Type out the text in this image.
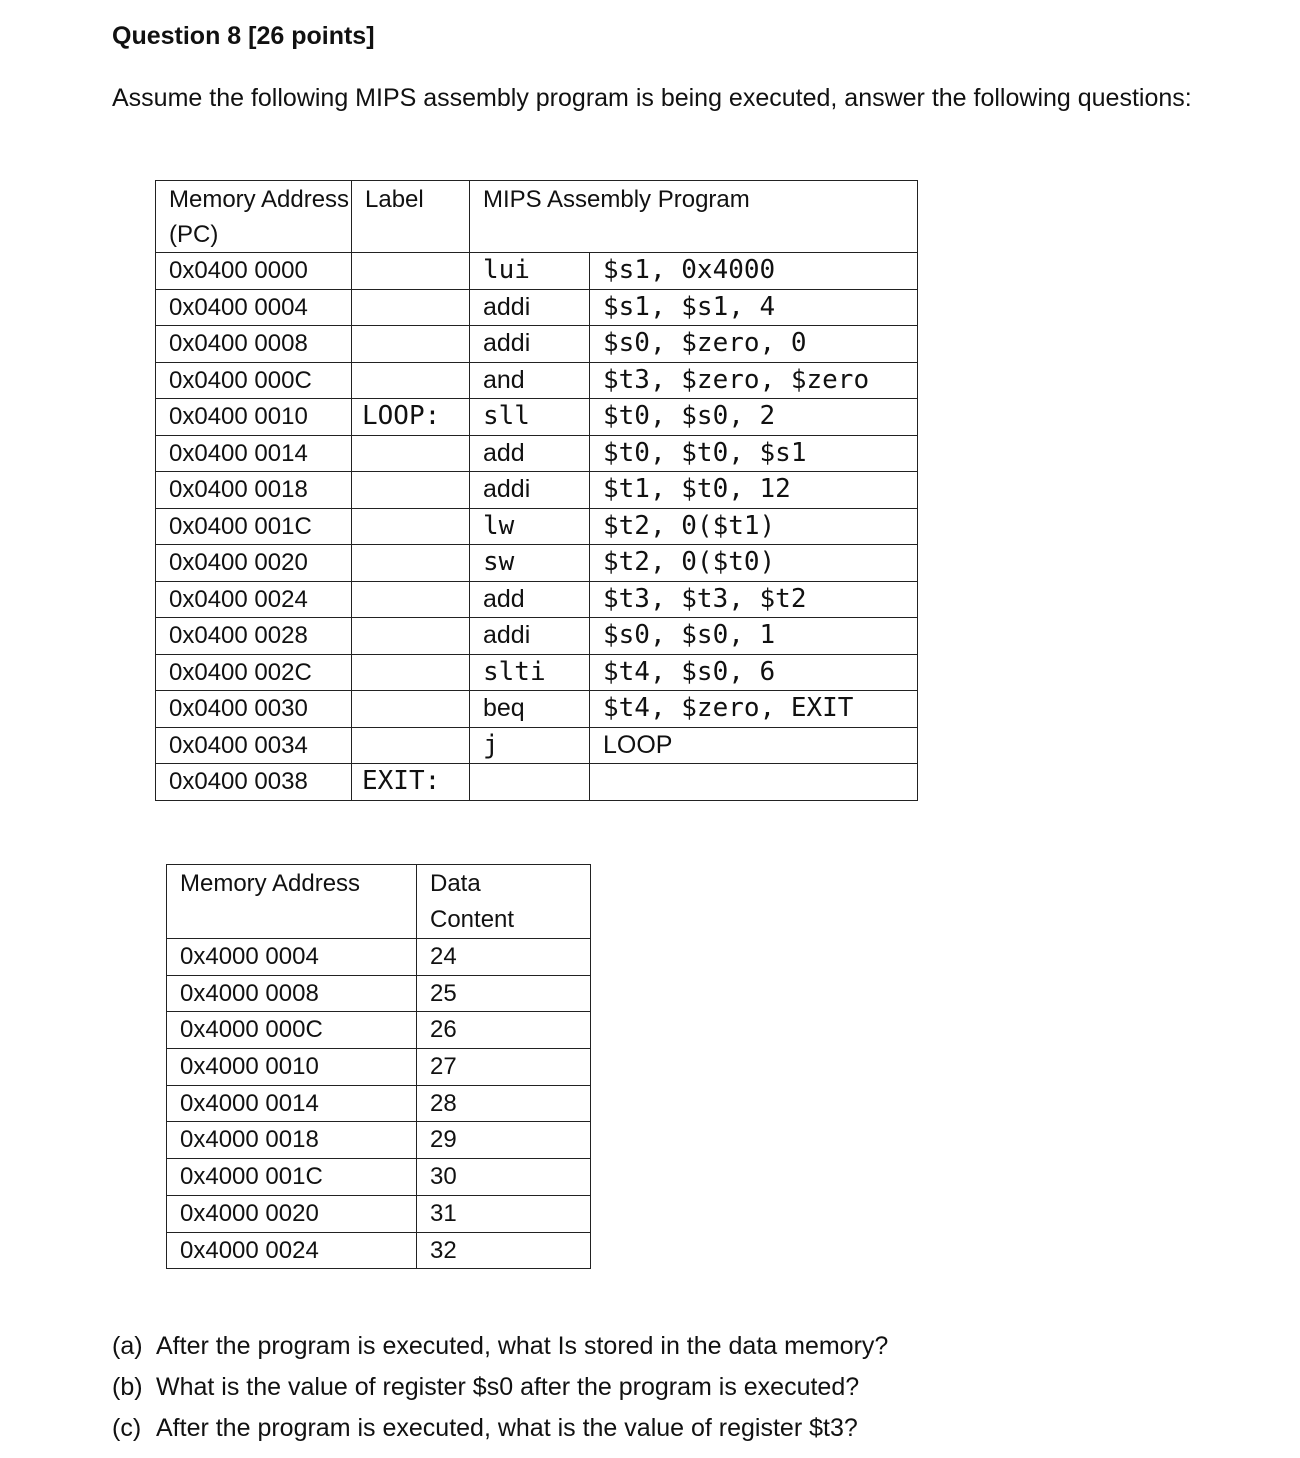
Question 8 [26 points]

Assume the following MIPS assembly program is being executed, answer the following questions:

Memory Address (PC)	Label	MIPS Assembly Program	
0x0400 0000		lui	$s1, 0x4000
0x0400 0004		addi	$s1, $s1, 4
0x0400 0008		addi	$s0, $zero, 0
0x0400 000C		and	$t3, $zero, $zero
0x0400 0010	LOOP:	sll	$t0, $s0, 2
0x0400 0014		add	$t0, $t0, $s1
0x0400 0018		addi	$t1, $t0, 12
0x0400 001C		lw	$t2, 0($t1)
0x0400 0020		sw	$t2, 0($t0)
0x0400 0024		add	$t3, $t3, $t2
0x0400 0028		addi	$s0, $s0, 1
0x0400 002C		slti	$t4, $s0, 6
0x0400 0030		beq	$t4, $zero, EXIT
0x0400 0034		j	LOOP
0x0400 0038	EXIT:		
Memory Address	Data Content
0x4000 0004	24
0x4000 0008	25
0x4000 000C	26
0x4000 0010	27
0x4000 0014	28
0x4000 0018	29
0x4000 001C	30
0x4000 0020	31
0x4000 0024	32
(a) After the program is executed, what Is stored in the data memory?
(b) What is the value of register $s0 after the program is executed?
(c) After the program is executed, what is the value of register $t3?
